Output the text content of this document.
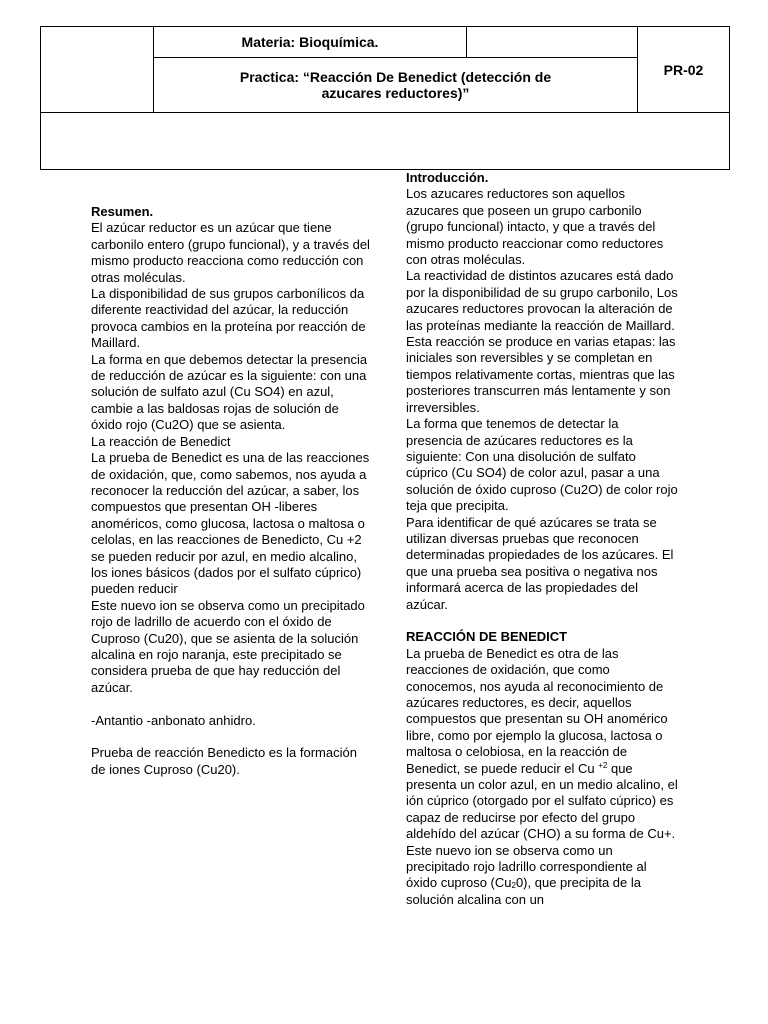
	Materia: Bioquímica.		PR-02

Practica: “Reacción De Benedict (detección de
azucares reductores)”

Resumen.

El azúcar reductor es un azúcar que tiene carbonilo entero (grupo funcional), y a través del mismo producto reacciona como reducción con otras moléculas.

La disponibilidad de sus grupos carbonílicos da diferente reactividad del azúcar, la reducción provoca cambios en la proteína por reacción de Maillard.

La forma en que debemos detectar la presencia de reducción de azúcar es la siguiente: con una solución de sulfato azul (Cu SO4) en azul, cambie a las baldosas rojas de solución de óxido rojo (Cu2O) que se asienta.

La reacción de Benedict

La prueba de Benedict es una de las reacciones de oxidación, que, como sabemos, nos ayuda a reconocer la reducción del azúcar, a saber, los compuestos que presentan OH -liberes anoméricos, como glucosa, lactosa o maltosa o celolas, en las reacciones de Benedicto, Cu +2 se pueden reducir por azul, en medio alcalino, los iones básicos (dados por el sulfato cúprico) pueden reducir

Este nuevo ion se observa como un precipitado rojo de ladrillo de acuerdo con el óxido de Cuproso (Cu20), que se asienta de la solución alcalina en rojo naranja, este precipitado se considera prueba de que hay reducción del azúcar.

-Antantio -anbonato anhidro.

Prueba de reacción Benedicto es la formación de iones Cuproso (Cu20).

Introducción.

Los azucares reductores son aquellos azucares que poseen un grupo carbonilo (grupo funcional) intacto, y que a través del mismo producto reaccionar como reductores con otras moléculas.

La reactividad de distintos azucares está dado por la disponibilidad de su grupo carbonilo, Los azucares reductores provocan la alteración de las proteínas mediante la reacción de Maillard. Esta reacción se produce en varias etapas: las iniciales son reversibles y se completan en tiempos relativamente cortas, mientras que las posteriores transcurren más lentamente y son irreversibles.

La forma que tenemos de detectar la presencia de azúcares reductores es la siguiente: Con una disolución de sulfato cúprico (Cu SO4) de color azul, pasar a una solución de óxido cuproso (Cu2O) de color rojo teja que precipita.

Para identificar de qué azúcares se trata se utilizan diversas pruebas que reconocen determinadas propiedades de los azúcares. El que una prueba sea positiva o negativa nos informará acerca de las propiedades del azúcar.

REACCIÓN DE BENEDICT

La prueba de Benedict es otra de las reacciones de oxidación, que como conocemos, nos ayuda al reconocimiento de azúcares reductores, es decir, aquellos compuestos que presentan su OH anomérico libre, como por ejemplo la glucosa, lactosa o maltosa o celobiosa, en la reacción de Benedict, se puede reducir el Cu $^{+2}$ que presenta un color azul, en un medio alcalino, el ión cúprico (otorgado por el sulfato cúprico) es capaz de reducirse por efecto del grupo aldehído del azúcar (CHO) a su forma de Cu+. Este nuevo ion se observa como un precipitado rojo ladrillo correspondiente al óxido cuproso $(Cu_20)$, que precipita de la solución alcalina con un
